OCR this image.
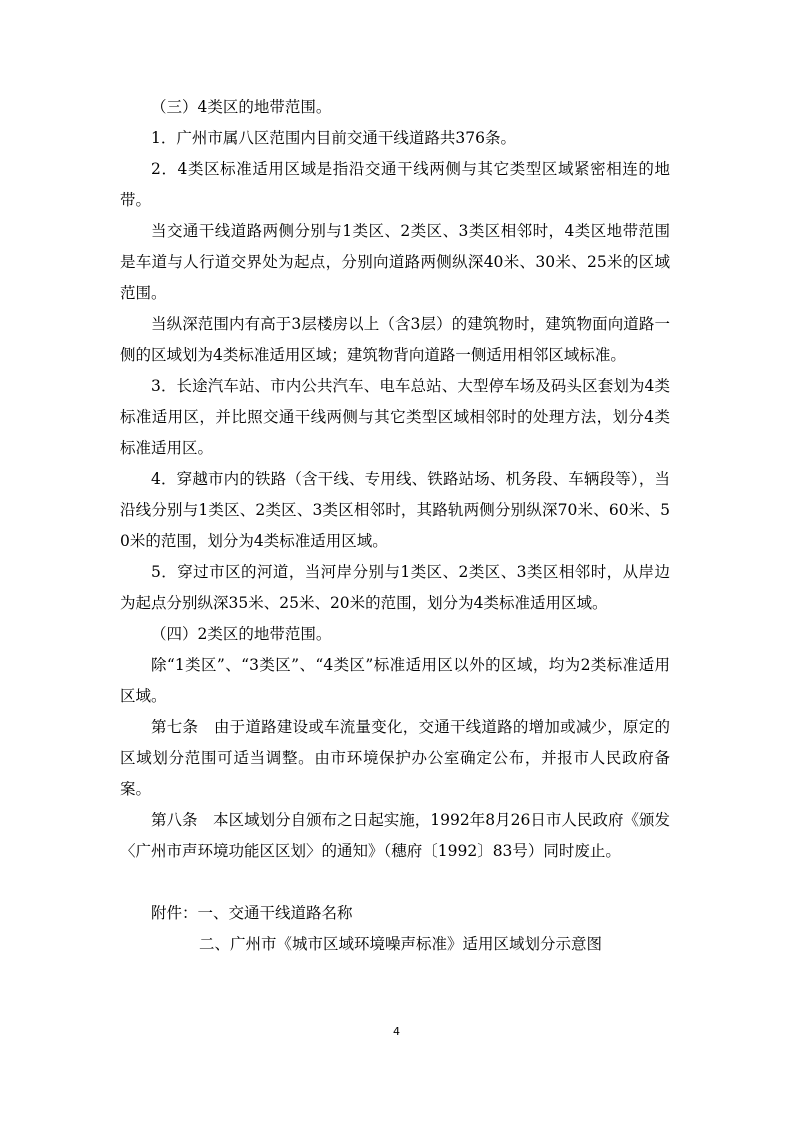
（三）4类区的地带范围。

1．广州市属八区范围内目前交通干线道路共376条。

2．4类区标准适用区域是指沿交通干线两侧与其它类型区域紧密相连的地带。

当交通干线道路两侧分别与1类区、2类区、3类区相邻时，4类区地带范围是车道与人行道交界处为起点，分别向道路两侧纵深40米、30米、25米的区域范围。

当纵深范围内有高于3层楼房以上（含3层）的建筑物时，建筑物面向道路一侧的区域划为4类标准适用区域；建筑物背向道路一侧适用相邻区域标准。

3．长途汽车站、市内公共汽车、电车总站、大型停车场及码头区套划为4类标准适用区，并比照交通干线两侧与其它类型区域相邻时的处理方法，划分4类标准适用区。

4．穿越市内的铁路（含干线、专用线、铁路站场、机务段、车辆段等），当沿线分别与1类区、2类区、3类区相邻时，其路轨两侧分别纵深70米、60米、50米的范围，划分为4类标准适用区域。

5．穿过市区的河道，当河岸分别与1类区、2类区、3类区相邻时，从岸边为起点分别纵深35米、25米、20米的范围，划分为4类标准适用区域。

（四）2类区的地带范围。

除“1类区”、“3类区”、“4类区”标准适用区以外的区域，均为2类标准适用区域。

第七条　由于道路建设或车流量变化，交通干线道路的增加或减少，原定的区域划分范围可适当调整。由市环境保护办公室确定公布，并报市人民政府备案。

第八条　本区域划分自颁布之日起实施，1992年8月26日市人民政府《颁发〈广州市声环境功能区区划〉的通知》（穗府〔1992〕83号）同时废止。

附件：一、交通干线道路名称

二、广州市《城市区域环境噪声标准》适用区域划分示意图

4
